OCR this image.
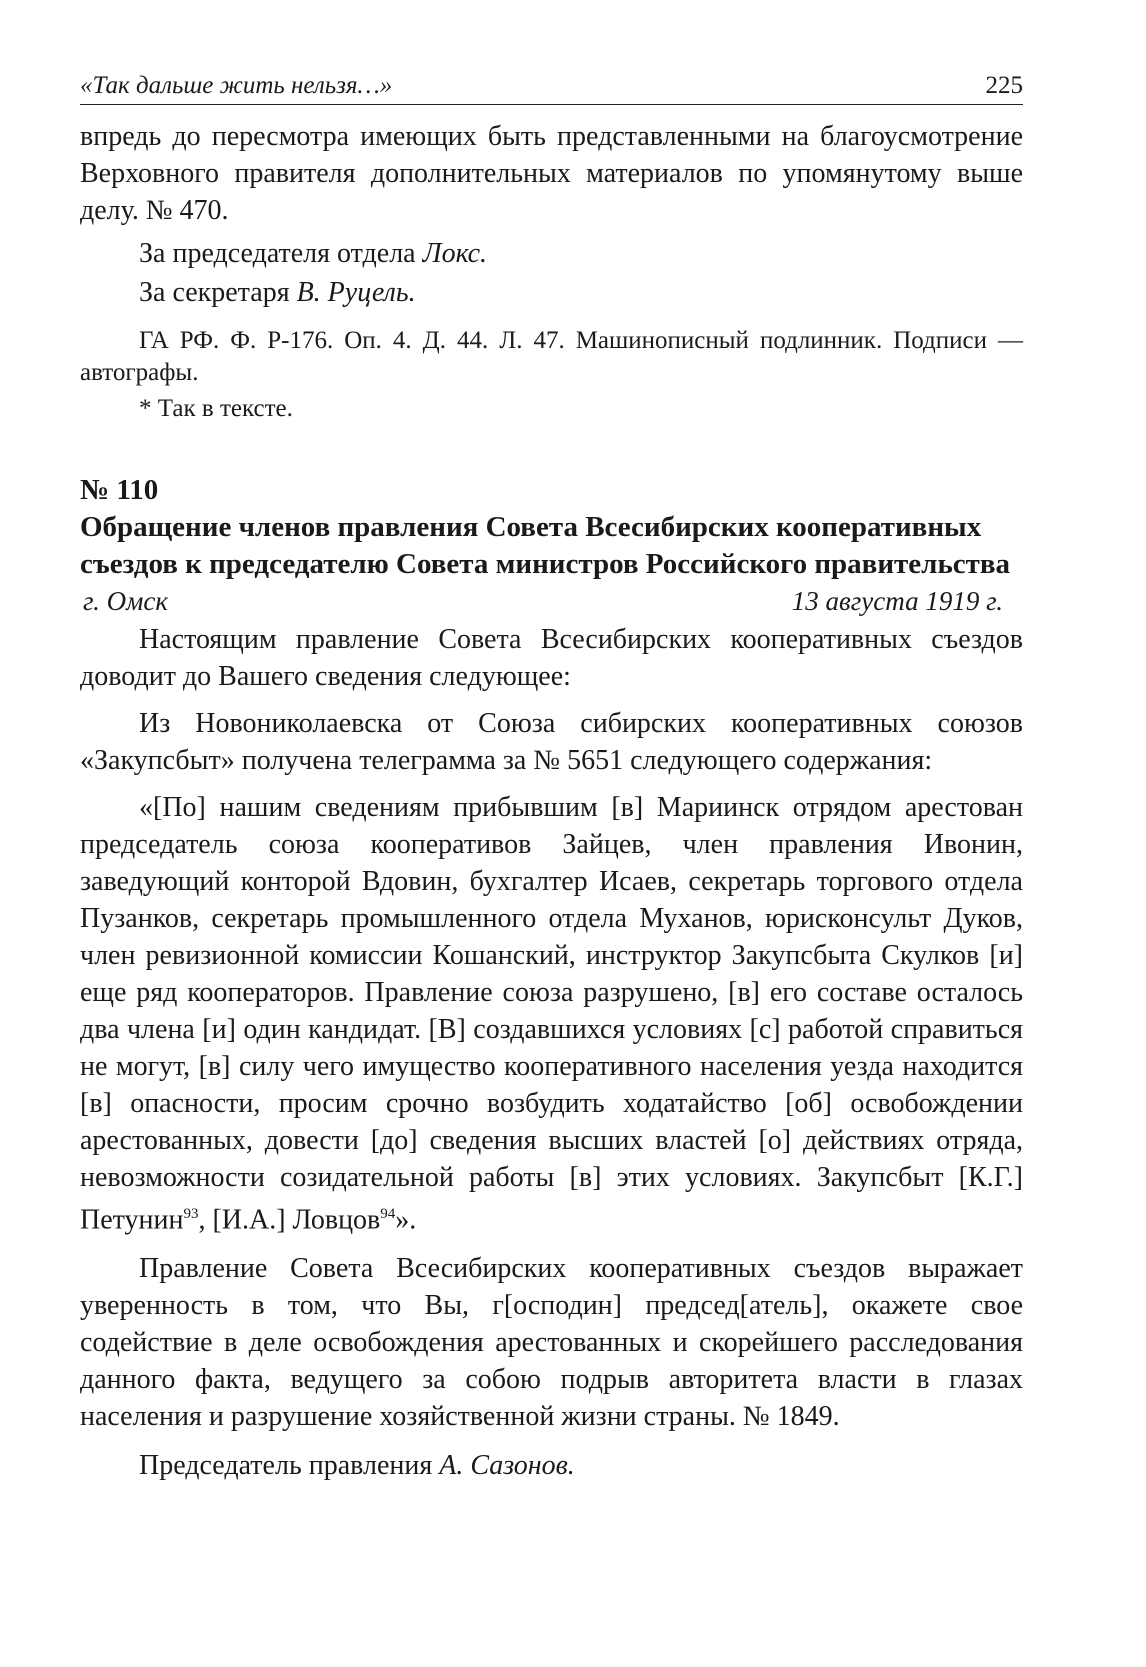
«Так дальше жить нельзя…»	225

впредь до пересмотра имеющих быть представленными на благоусмотрение Верховного правителя дополнительных материалов по упомянутому выше делу. № 470.

За председателя отдела Локс.

За секретаря В. Руцель.

ГА РФ. Ф. Р-176. Оп. 4. Д. 44. Л. 47. Машинописный подлинник. Подписи — автографы.

* Так в тексте.

№ 110
Обращение членов правления Совета Всесибирских кооперативных съездов к председателю Совета министров Российского правительства
г. Омск	13 августа 1919 г.

Настоящим правление Совета Всесибирских кооперативных съездов доводит до Вашего сведения следующее:

Из Новониколаевска от Союза сибирских кооперативных союзов «Закупсбыт» получена телеграмма за № 5651 следующего содержания:

«[По] нашим сведениям прибывшим [в] Мариинск отрядом арестован председатель союза кооперативов Зайцев, член правления Ивонин, заведующий конторой Вдовин, бухгалтер Исаев, секретарь торгового отдела Пузанков, секретарь промышленного отдела Муханов, юрисконсульт Дуков, член ревизионной комиссии Кошанский, инструктор Закупсбыта Скулков [и] еще ряд кооператоров. Правление союза разрушено, [в] его составе осталось два члена [и] один кандидат. [В] создавшихся условиях [с] работой справиться не могут, [в] силу чего имущество кооперативного населения уезда находится [в] опасности, просим срочно возбудить ходатайство [об] освобождении арестованных, довести [до] сведения высших властей [о] действиях отряда, невозможности созидательной работы [в] этих условиях. Закупсбыт [К.Г.] Петунин$^{93}$, [И.А.] Ловцов$^{94}$».

Правление Совета Всесибирских кооперативных съездов выражает уверенность в том, что Вы, г[осподин] председ[атель], окажете свое содействие в деле освобождения арестованных и скорейшего расследования данного факта, ведущего за собою подрыв авторитета власти в глазах населения и разрушение хозяйственной жизни страны. № 1849.

Председатель правления А. Сазонов.
